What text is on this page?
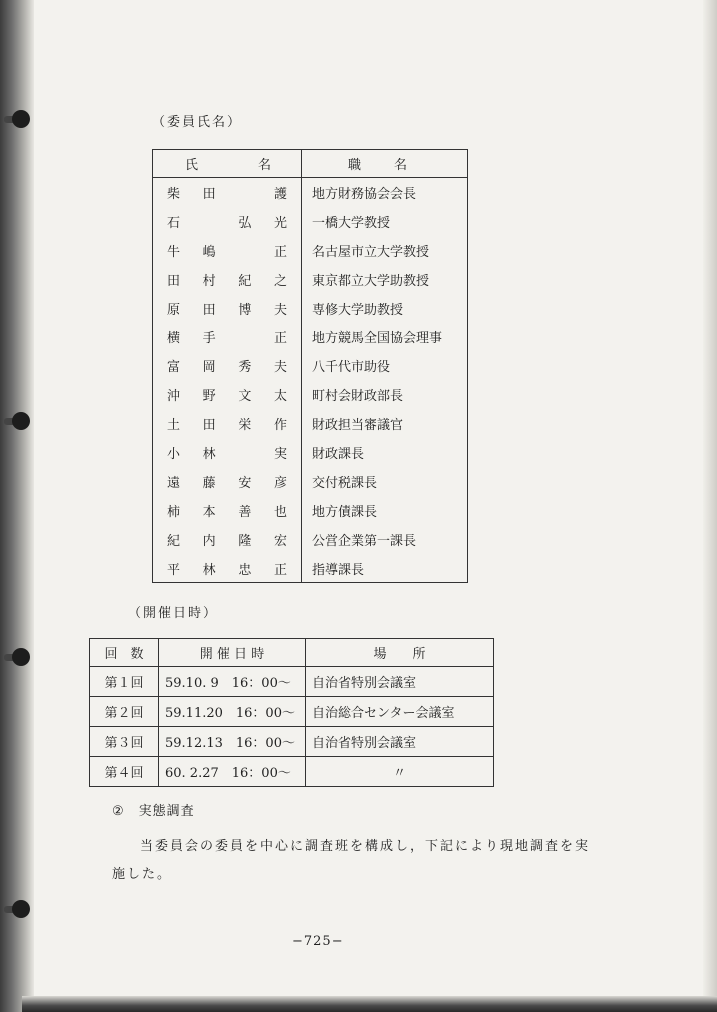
（委員氏名）
氏 名	職 名

柴 田 護	地方財務協会会長

石 弘 光	一橋大学教授

牛 嶋 正	名古屋市立大学教授

田 村 紀 之	東京都立大学助教授

原 田 博 夫	専修大学助教授

横 手 正	地方競馬全国協会理事

富 岡 秀 夫	八千代市助役

沖 野 文 太	町村会財政部長

土 田 栄 作	財政担当審議官

小 林 実	財政課長

遠 藤 安 彦	交付税課長

柿 本 善 也	地方債課長

紀 内 隆 宏	公営企業第一課長

平 林 忠 正	指導課長
（開催日時）
回　数	開 催 日 時	場　　所
第１回	59.10. 9　16：00〜	自治省特別会議室
第２回	59.11.20　16：00〜	自治総合センター会議室
第３回	59.12.13　16：00〜	自治省特別会議室
第４回	60. 2.27　16：00〜	〃
② 実態調査
当委員会の委員を中心に調査班を構成し，下記により現地調査を実施した。
−725−
